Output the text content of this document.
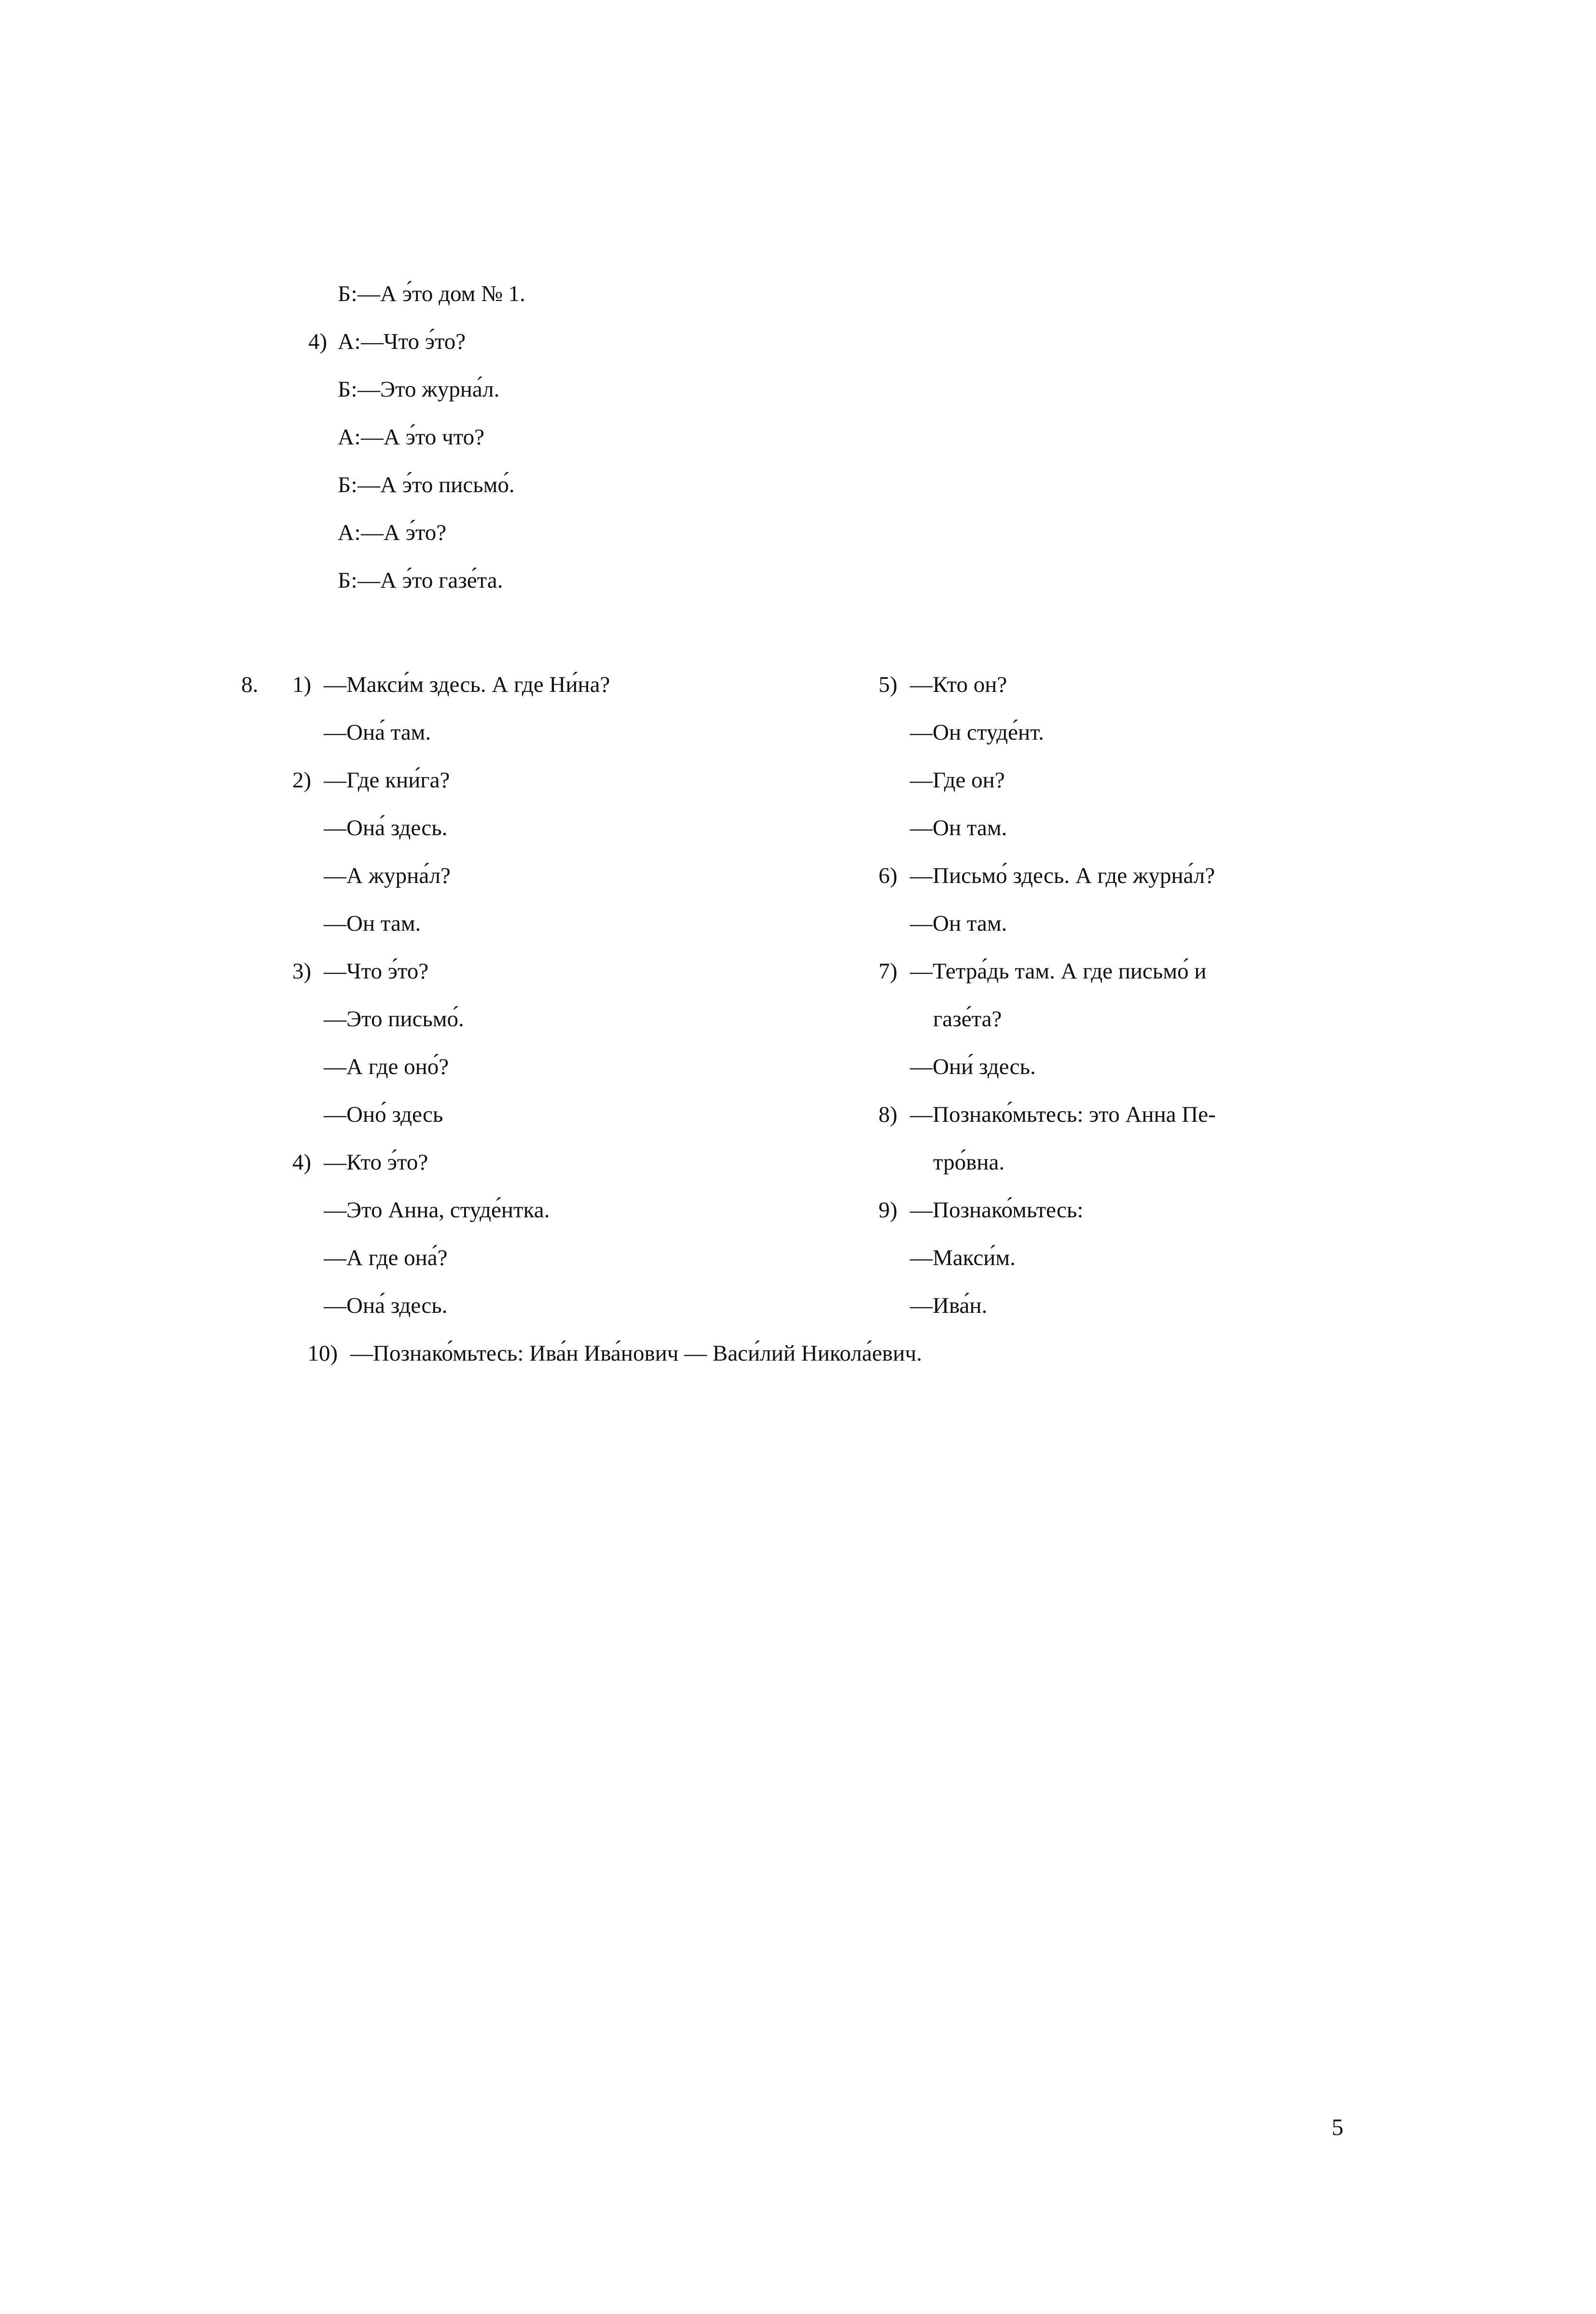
Б: —А э́то дом № 1.
4) А: —Что э́то?
Б: —Это журна́л.
А: —А э́то что?
Б: —А э́то письмо́.
А: —А э́то?
Б: —А э́то газе́та.
8.	1) —Макси́м здесь. А где Ни́на?
—Она́ там.
2) —Где кни́га?
—Она́ здесь.
—А журна́л?
—Он там.
3) —Что э́то?
—Это письмо́.
—А где оно́?
—Оно́ здесь
4) —Кто э́то?
—Это Анна, студе́нтка.
—А где она́?
—Она́ здесь.
5) —Кто он?
—Он студе́нт.
—Где он?
—Он там.
6) —Письмо́ здесь. А где журна́л?
—Он там.
7) —Тетра́дь там. А где письмо́ и
газе́та?
—Они́ здесь.
8) —Познако́мьтесь: это Анна Пе-
тро́вна.
9) —Познако́мьтесь:
—Макси́м.
—Ива́н.
10) —Познако́мьтесь: Ива́н Ива́нович — Васи́лий Никола́евич.
5
